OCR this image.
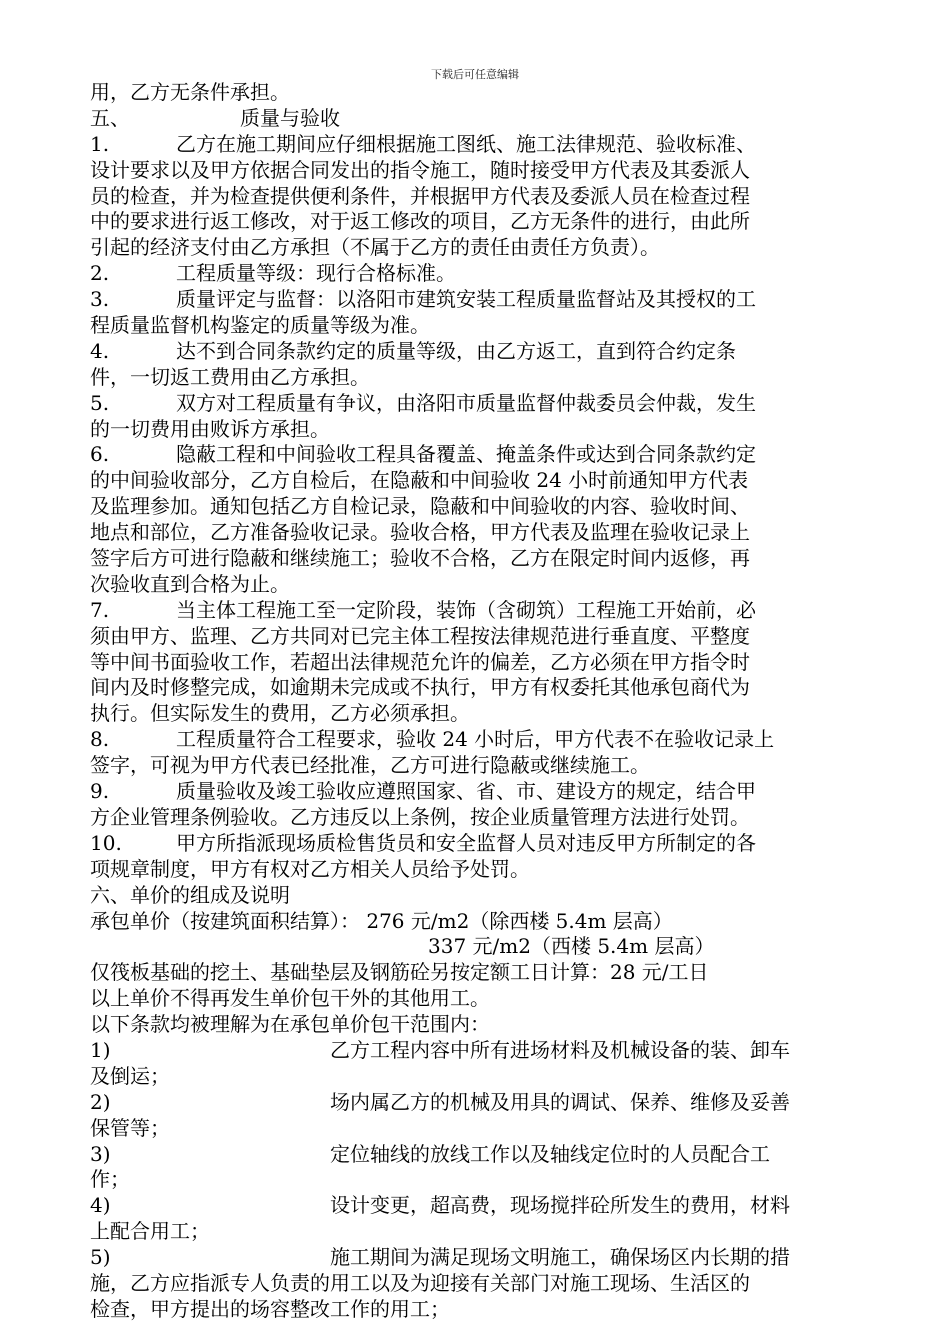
下载后可任意编辑
用，乙方无条件承担。
五、	质量与验收
1.	乙方在施工期间应仔细根据施工图纸、施工法律规范、验收标准、
设计要求以及甲方依据合同发出的指令施工，随时接受甲方代表及其委派人
员的检查，并为检查提供便利条件，并根据甲方代表及委派人员在检查过程
中的要求进行返工修改，对于返工修改的项目，乙方无条件的进行，由此所
引起的经济支付由乙方承担（不属于乙方的责任由责任方负责）。
2.	工程质量等级：现行合格标准。
3.	质量评定与监督：以洛阳市建筑安装工程质量监督站及其授权的工
程质量监督机构鉴定的质量等级为准。
4.	达不到合同条款约定的质量等级，由乙方返工，直到符合约定条
件，一切返工费用由乙方承担。
5.	双方对工程质量有争议，由洛阳市质量监督仲裁委员会仲裁，发生
的一切费用由败诉方承担。
6.	隐蔽工程和中间验收工程具备覆盖、掩盖条件或达到合同条款约定
的中间验收部分，乙方自检后，在隐蔽和中间验收 24 小时前通知甲方代表
及监理参加。通知包括乙方自检记录，隐蔽和中间验收的内容、验收时间、
地点和部位，乙方准备验收记录。验收合格，甲方代表及监理在验收记录上
签字后方可进行隐蔽和继续施工；验收不合格，乙方在限定时间内返修，再
次验收直到合格为止。
7.	当主体工程施工至一定阶段，装饰（含砌筑）工程施工开始前，必
须由甲方、监理、乙方共同对已完主体工程按法律规范进行垂直度、平整度
等中间书面验收工作，若超出法律规范允许的偏差，乙方必须在甲方指令时
间内及时修整完成，如逾期未完成或不执行，甲方有权委托其他承包商代为
执行。但实际发生的费用，乙方必须承担。
8.	工程质量符合工程要求，验收 24 小时后，甲方代表不在验收记录上
签字，可视为甲方代表已经批准，乙方可进行隐蔽或继续施工。
9.	质量验收及竣工验收应遵照国家、省、市、建设方的规定，结合甲
方企业管理条例验收。乙方违反以上条例，按企业质量管理方法进行处罚。
10.	甲方所指派现场质检售货员和安全监督人员对违反甲方所制定的各
项规章制度，甲方有权对乙方相关人员给予处罚。
六、单价的组成及说明
承包单价（按建筑面积结算）： 276 元/m2（除西楼 5.4m 层高）
337 元/m2（西楼 5.4m 层高）
仅筏板基础的挖土、基础垫层及钢筋砼另按定额工日计算：28 元/工日
以上单价不得再发生单价包干外的其他用工。
以下条款均被理解为在承包单价包干范围内：
1)	乙方工程内容中所有进场材料及机械设备的装、卸车
及倒运；
2)	场内属乙方的机械及用具的调试、保养、维修及妥善
保管等；
3)	定位轴线的放线工作以及轴线定位时的人员配合工
作；
4)	设计变更，超高费，现场搅拌砼所发生的费用，材料
上配合用工；
5)	施工期间为满足现场文明施工，确保场区内长期的措
施，乙方应指派专人负责的用工以及为迎接有关部门对施工现场、生活区的
检查，甲方提出的场容整改工作的用工；
